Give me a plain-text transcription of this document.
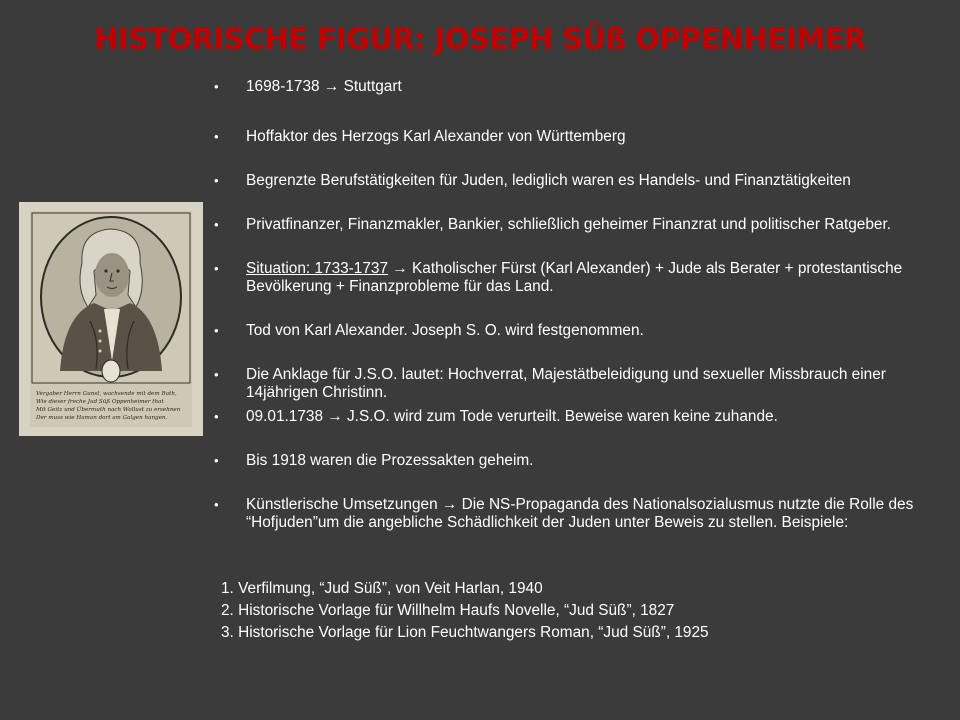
HISTORISCHE FIGUR: JOSEPH SÜß OPPENHEIMER
Vergaber Herrn Gunst, wachsende mit dem Rath,
Wie dieser freche Jud Süß Oppenheimer that
Mit Geitz und Übermuth nach Wollust zu ersehnen
Der muss wie Haman dort am Galgen hangen.
• 1698-1738 → Stuttgart
• Hoffaktor des Herzogs Karl Alexander von Württemberg
• Begrenzte Berufstätigkeiten für Juden, lediglich waren es Handels- und Finanztätigkeiten
• Privatfinanzer, Finanzmakler, Bankier, schließlich geheimer Finanzrat und politischer Ratgeber.
• Situation: 1733-1737 → Katholischer Fürst (Karl Alexander) + Jude als Berater + protestantische Bevölkerung + Finanzprobleme für das Land.
• Tod von Karl Alexander. Joseph S. O. wird festgenommen.
• Die Anklage für J.S.O. lautet: Hochverrat, Majestätbeleidigung und sexueller Missbrauch einer 14jährigen Christinn.
• 09.01.1738 → J.S.O. wird zum Tode verurteilt. Beweise waren keine zuhande.
• Bis 1918 waren die Prozessakten geheim.
• Künstlerische Umsetzungen → Die NS-Propaganda des Nationalsozialusmus nutzte die Rolle des “Hofjuden”um die angebliche Schädlichkeit der Juden unter Beweis zu stellen. Beispiele:
1. Verfilmung, “Jud Süß”, von Veit Harlan, 1940
2. Historische Vorlage für Willhelm Haufs Novelle, “Jud Süß”, 1827
3. Historische Vorlage für Lion Feuchtwangers Roman, “Jud Süß”, 1925
